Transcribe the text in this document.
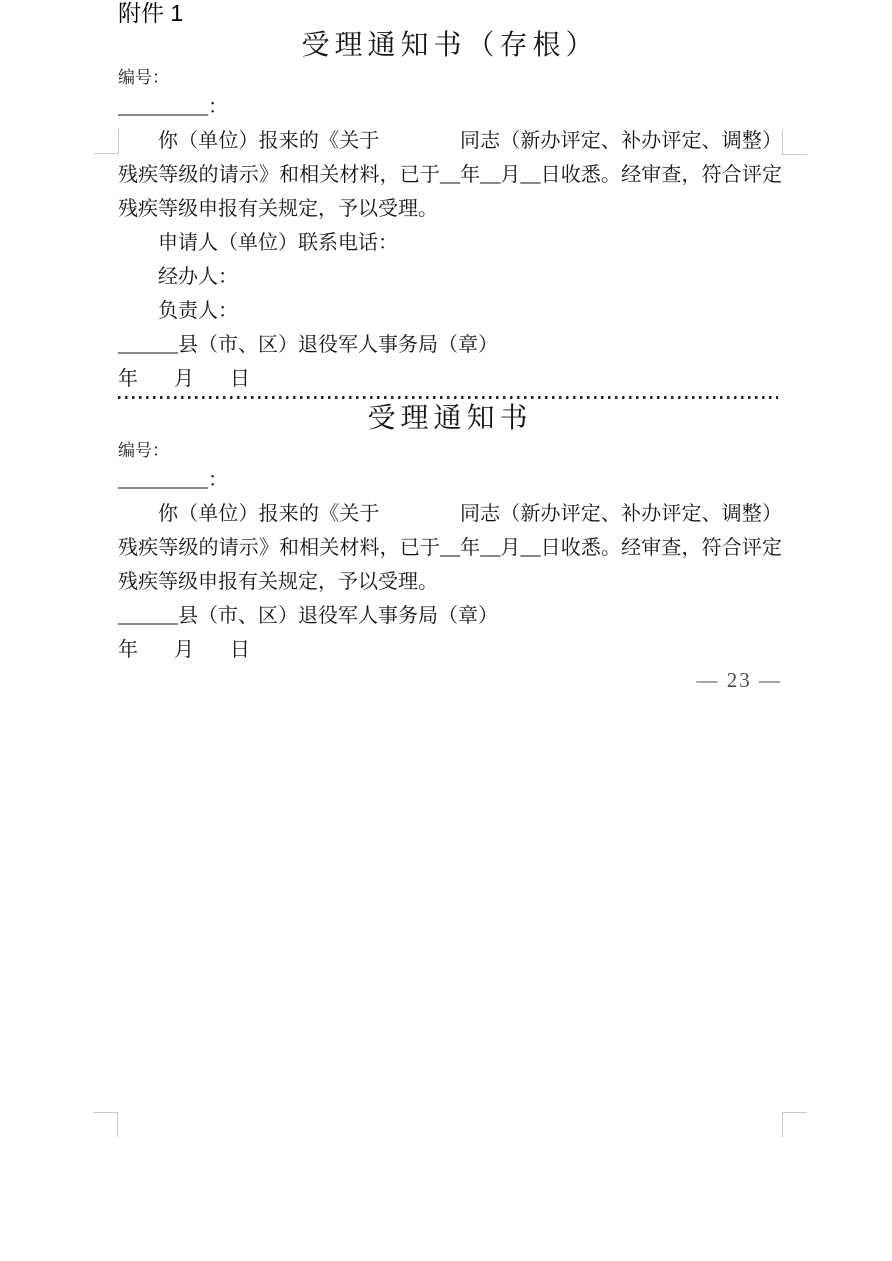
附件 1
受理通知书（存根）
编号：
_________：

你（单位）报来的《关于　　　　同志（新办评定、补办评定、调整）残疾等级的请示》和相关材料，已于__年__月__日收悉。经审查，符合评定残疾等级申报有关规定，予以受理。

申请人（单位）联系电话：

经办人：

负责人：

______县（市、区）退役军人事务局（章）
年　月　日
受理通知书
编号：
_________：

你（单位）报来的《关于　　　　同志（新办评定、补办评定、调整）残疾等级的请示》和相关材料，已于__年__月__日收悉。经审查，符合评定残疾等级申报有关规定，予以受理。

______县（市、区）退役军人事务局（章）
年　月　日
— 23 —
